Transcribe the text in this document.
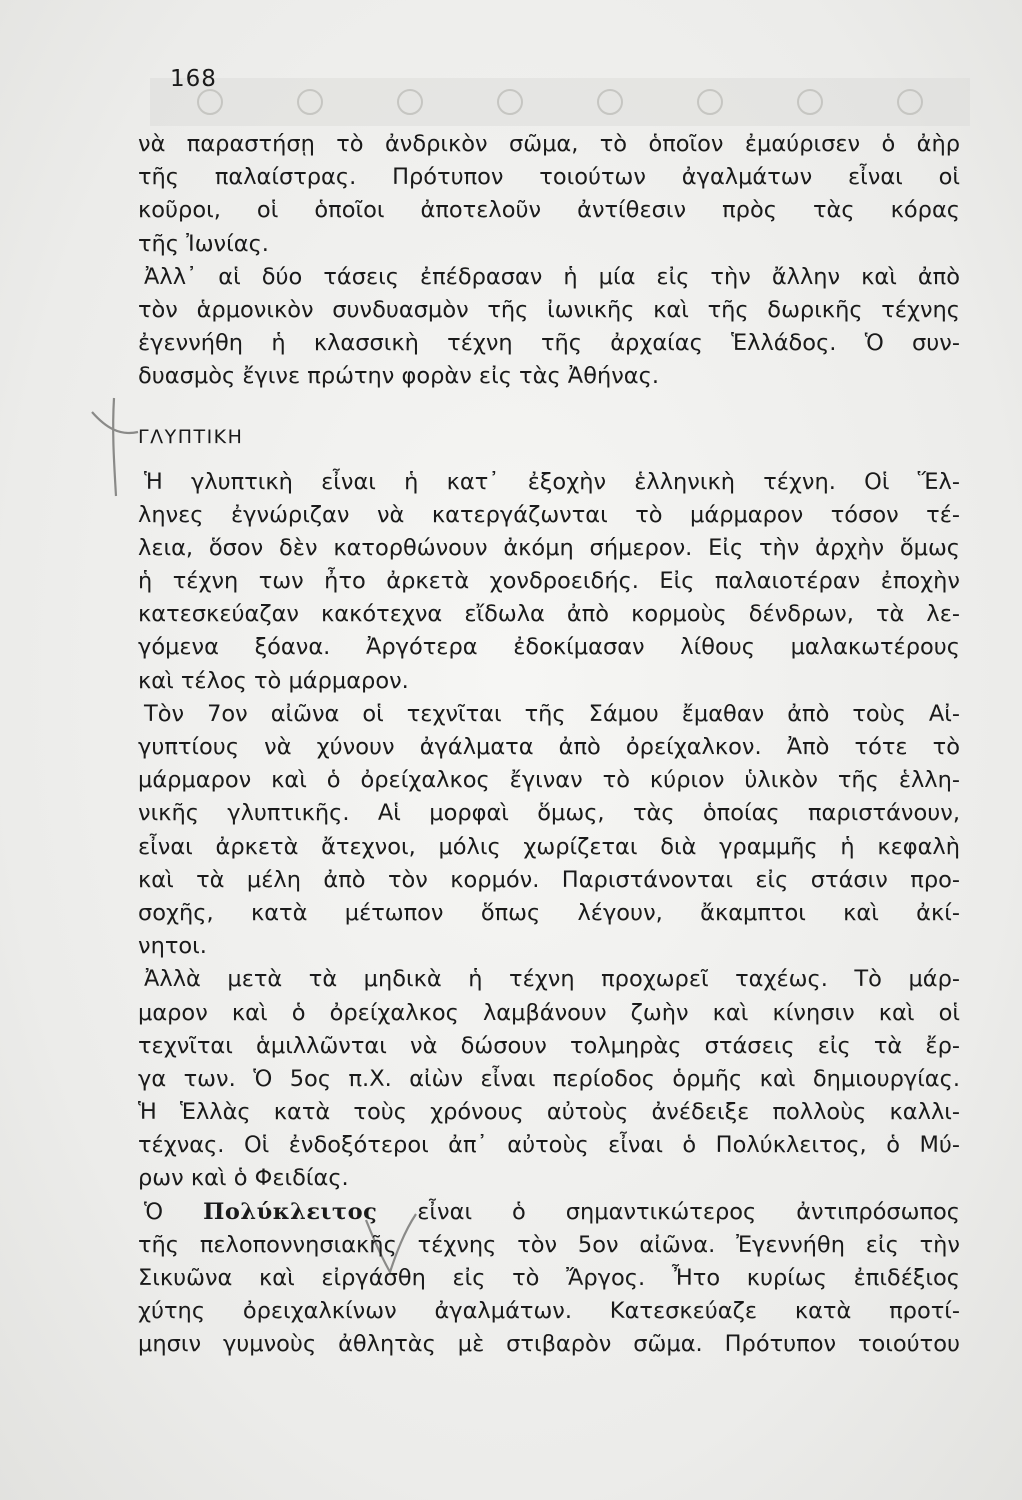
168
νὰ παραστήσῃ τὸ ἀνδρικὸν σῶμα, τὸ ὁποῖον ἐμαύρισεν ὁ ἀὴρ
τῆς παλαίστρας. Πρότυπον τοιούτων ἀγαλμάτων εἶναι οἱ
κοῦροι, οἱ ὁποῖοι ἀποτελοῦν ἀντίθεσιν πρὸς τὰς κόρας
τῆς Ἰωνίας.
Ἀλλ᾽ αἱ δύο τάσεις ἐπέδρασαν ἡ μία εἰς τὴν ἄλλην καὶ ἀπὸ
τὸν ἁρμονικὸν συνδυασμὸν τῆς ἰωνικῆς καὶ τῆς δωρικῆς τέχνης
ἐγεννήθη ἡ κλασσικὴ τέχνη τῆς ἀρχαίας Ἑλλάδος. Ὁ συν-
δυασμὸς ἔγινε πρώτην φορὰν εἰς τὰς Ἀθήνας.
ΓΛΥΠΤΙΚΗ
Ἡ γλυπτικὴ εἶναι ἡ κατ᾽ ἐξοχὴν ἑλληνικὴ τέχνη. Οἱ Ἕλ-
ληνες ἐγνώριζαν νὰ κατεργάζωνται τὸ μάρμαρον τόσον τέ-
λεια, ὅσον δὲν κατορθώνουν ἀκόμη σήμερον. Εἰς τὴν ἀρχὴν ὅμως
ἡ τέχνη των ἦτο ἀρκετὰ χονδροειδής. Εἰς παλαιοτέραν ἐποχὴν
κατεσκεύαζαν κακότεχνα εἴδωλα ἀπὸ κορμοὺς δένδρων, τὰ λε-
γόμενα ξόανα. Ἀργότερα ἐδοκίμασαν λίθους μαλακωτέρους
καὶ τέλος τὸ μάρμαρον.
Τὸν 7ον αἰῶνα οἱ τεχνῖται τῆς Σάμου ἔμαθαν ἀπὸ τοὺς Αἰ-
γυπτίους νὰ χύνουν ἀγάλματα ἀπὸ ὀρείχαλκον. Ἀπὸ τότε τὸ
μάρμαρον καὶ ὁ ὀρείχαλκος ἔγιναν τὸ κύριον ὑλικὸν τῆς ἑλλη-
νικῆς γλυπτικῆς. Αἱ μορφαὶ ὅμως, τὰς ὁποίας παριστάνουν,
εἶναι ἀρκετὰ ἄτεχνοι, μόλις χωρίζεται διὰ γραμμῆς ἡ κεφαλὴ
καὶ τὰ μέλη ἀπὸ τὸν κορμόν. Παριστάνονται εἰς στάσιν προ-
σοχῆς, κατὰ μέτωπον ὅπως λέγουν, ἄκαμπτοι καὶ ἀκί-
νητοι.
Ἀλλὰ μετὰ τὰ μηδικὰ ἡ τέχνη προχωρεῖ ταχέως. Τὸ μάρ-
μαρον καὶ ὁ ὀρείχαλκος λαμβάνουν ζωὴν καὶ κίνησιν καὶ οἱ
τεχνῖται ἁμιλλῶνται νὰ δώσουν τολμηρὰς στάσεις εἰς τὰ ἔρ-
γα των. Ὁ 5ος π.Χ. αἰὼν εἶναι περίοδος ὁρμῆς καὶ δημιουργίας.
Ἡ Ἑλλὰς κατὰ τοὺς χρόνους αὐτοὺς ἀνέδειξε πολλοὺς καλλι-
τέχνας. Οἱ ἐνδοξότεροι ἀπ᾽ αὐτοὺς εἶναι ὁ Πολύκλειτος, ὁ Μύ-
ρων καὶ ὁ Φειδίας.
Ὁ Πολύκλειτος εἶναι ὁ σημαντικώτερος ἀντιπρόσωπος
τῆς πελοποννησιακῆς τέχνης τὸν 5ον αἰῶνα. Ἐγεννήθη εἰς τὴν
Σικυῶνα καὶ εἰργάσθη εἰς τὸ Ἄργος. Ἦτο κυρίως ἐπιδέξιος
χύτης ὀρειχαλκίνων ἀγαλμάτων. Κατεσκεύαζε κατὰ προτί-
μησιν γυμνοὺς ἀθλητὰς μὲ στιβαρὸν σῶμα. Πρότυπον τοιούτου
